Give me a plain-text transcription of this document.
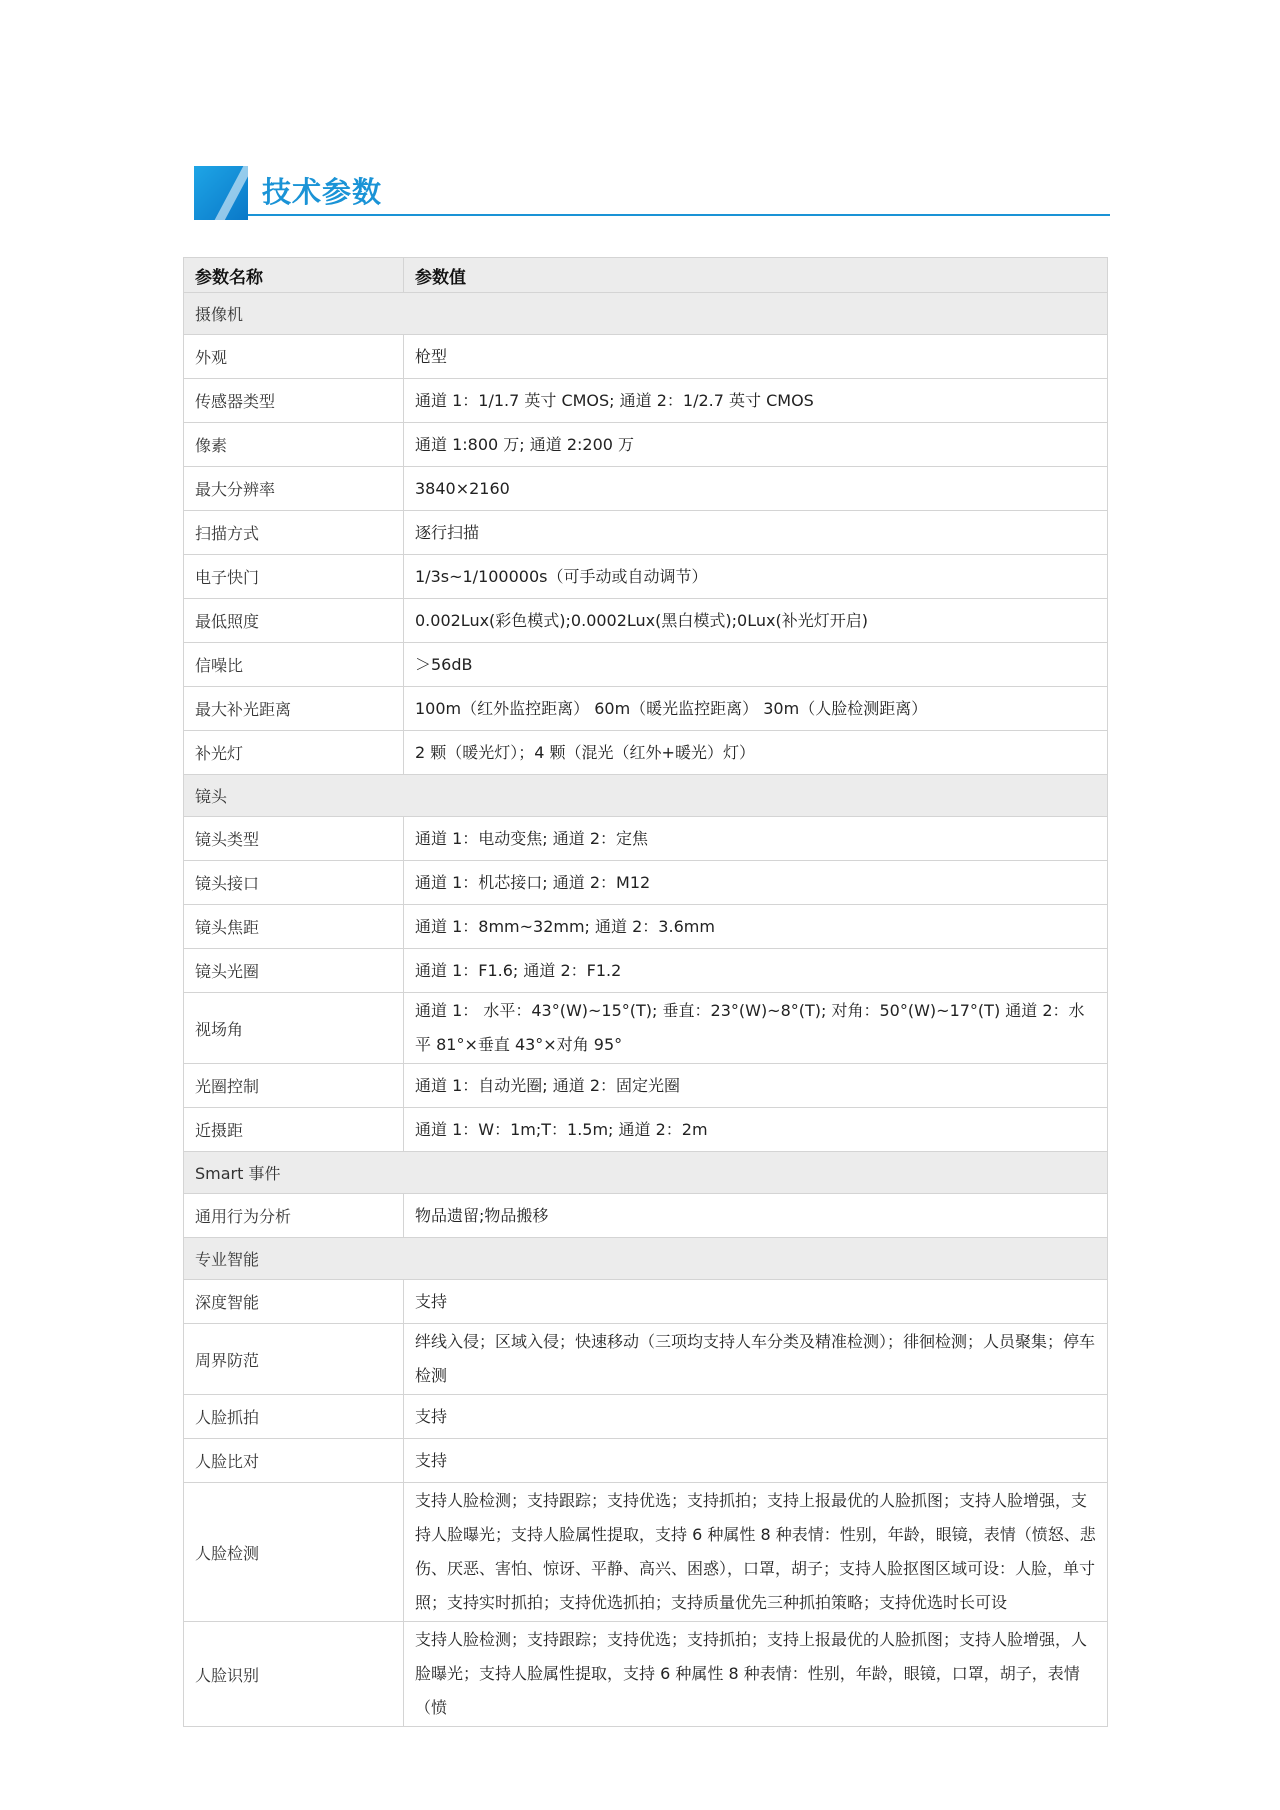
技术参数
参数名称	参数值
摄像机	
外观	枪型
传感器类型	通道 1：1/1.7 英寸 CMOS; 通道 2：1/2.7 英寸 CMOS
像素	通道 1:800 万; 通道 2:200 万
最大分辨率	3840×2160
扫描方式	逐行扫描
电子快门	1/3s~1/100000s（可手动或自动调节）
最低照度	0.002Lux(彩色模式);0.0002Lux(黑白模式);0Lux(补光灯开启)
信噪比	＞56dB
最大补光距离	100m（红外监控距离） 60m（暖光监控距离） 30m（人脸检测距离）
补光灯	2 颗（暖光灯）；4 颗（混光（红外+暖光）灯）
镜头	
镜头类型	通道 1：电动变焦; 通道 2：定焦
镜头接口	通道 1：机芯接口; 通道 2：M12
镜头焦距	通道 1：8mm~32mm; 通道 2：3.6mm
镜头光圈	通道 1：F1.6; 通道 2：F1.2
视场角	通道 1： 水平：43°(W)~15°(T); 垂直：23°(W)~8°(T); 对角：50°(W)~17°(T) 通道 2：水平 81°×垂直 43°×对角 95°
光圈控制	通道 1：自动光圈; 通道 2：固定光圈
近摄距	通道 1：W：1m;T：1.5m; 通道 2：2m
Smart 事件	
通用行为分析	物品遗留;物品搬移
专业智能	
深度智能	支持
周界防范	绊线入侵；区域入侵；快速移动（三项均支持人车分类及精准检测）；徘徊检测；人员聚集；停车检测
人脸抓拍	支持
人脸比对	支持
人脸检测	支持人脸检测；支持跟踪；支持优选；支持抓拍；支持上报最优的人脸抓图；支持人脸增强，支持人脸曝光；支持人脸属性提取，支持 6 种属性 8 种表情：性别，年龄，眼镜，表情（愤怒、悲伤、厌恶、害怕、惊讶、平静、高兴、困惑），口罩，胡子；支持人脸抠图区域可设：人脸，单寸照；支持实时抓拍；支持优选抓拍；支持质量优先三种抓拍策略；支持优选时长可设
人脸识别	支持人脸检测；支持跟踪；支持优选；支持抓拍；支持上报最优的人脸抓图；支持人脸增强，人脸曝光；支持人脸属性提取，支持 6 种属性 8 种表情：性别，年龄，眼镜，口罩，胡子，表情（愤
